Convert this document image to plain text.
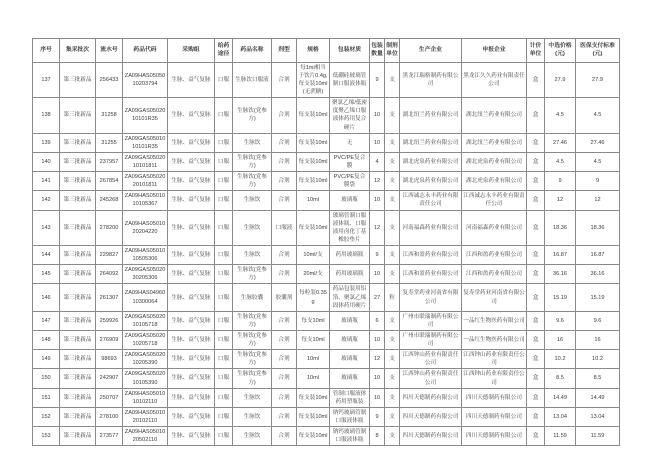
序号	集采批次	流水号	药品代码	采购组	给药途径	药品名称	剂型	规格	包装材质	包装数量	制剂单位	生产企业	申报企业	计价单位	中选价格(元)	医保支付标准(元)
137	第三批新品	256433	ZA09HAS05050 10203794	生脉、益气复脉	口服	生脉饮口服液	合剂	每1ml相当于饮片0.4g,每支装10ml(无蔗糖)	低硼硅玻璃管制口服液体瓶	9	支	黑龙江瑞格制药有限公司	黑龙江久久药业有限责任公司	盒	27.9	27.9
138	第三批新品	31258	ZA09GAS05020 10101R35	生脉、益气复脉	口服	生脉饮(党参方)	合剂	每支装10ml	聚氯乙烯/低密度聚乙烯口服液体药用复合硬片	10	支	湖北纽兰药业有限公司	湖北纽兰药业有限公司	盒	4.5	4.5
139	第三批新品	31255	ZA09GAS05010 10101R35	生脉、益气复脉	口服	生脉饮	合剂	每支装10ml	无	10	支	湖北纽兰药业有限公司	湖北纽兰药业有限公司	盒	27.46	27.46
140	第三批新品	237957	ZA09GAS05020 10101811	生脉、益气复脉	口服	生脉饮(党参方)	合剂	每支装10ml	PVC/PE复合膜	4	支	湖北虎泉药业有限公司	湖北虎泉药业有限公司	盒	4.5	4.5
141	第三批新品	267854	ZA09GAS05020 20101811	生脉、益气复脉	口服	生脉饮(党参方)	合剂	每支装10ml	PVC/PE复合膜袋	12	支	湖北虎泉药业有限公司	湖北虎泉药业有限公司	盒	9	9
142	第三批新品	245268	ZA09HAS05010 10105367	生脉、益气复脉	口服	生脉饮	合剂	10ml	玻璃瓶	10	支	江西诚志永丰药业有限责任公司	江西诚志永丰药业有限责任公司	盒	12	12
143	第三批新品	278200	ZA09HAS05010 20204220	生脉、益气复脉	口服	生脉饮	口服液	每支装10ml	玻璃管制口服液体瓶、口服液用卤化丁基橡胶垫片	12	支	河南福森药业有限公司	河南福森药业有限公司	盒	18.36	18.36
144	第三批新品	229827	ZA09HAS05010 10505306	生脉、益气复脉	口服	生脉饮	合剂	10ml/支	药用玻璃瓶	9	支	江西和盈药业有限公司	江西和盈药业有限公司	盒	16.87	16.87
145	第三批新品	264092	ZA09GAS05020 30205306	生脉、益气复脉	口服	生脉饮(党参方)	合剂	20ml/支	药用玻璃瓶	10	支	江西和盈药业有限公司	江西和盈药业有限公司	盒	36.16	36.16
146	第三批新品	261307	ZA09HAS04960 10300064	生脉、益气复脉	口服	生脉胶囊	胶囊剂	每粒装0.35g	药品包装用铝箔、聚氯乙烯固体药用硬片	27	粒	复寿堂药业河南省有限公司	复寿堂药业河南省有限公司	盒	15.19	15.19
147	第三批新品	259926	ZA09GAS05020 10105718	生脉、益气复脉	口服	生脉饮(党参方)	合剂	每支10ml	玻璃瓶	6	支	广州市联瑞制药有限公司	一品红生物医药有限公司	盒	9.6	9.6
148	第三批新品	276909	ZA09GAS05020 10205718	生脉、益气复脉	口服	生脉饮(党参方)	合剂	每支10ml	玻璃瓶	10	支	广州市联瑞制药有限公司	一品红生物医药有限公司	盒	16	16
149	第三批新品	98693	ZA09GAS05020 10205390	生脉、益气复脉	口服	生脉饮(党参方)	合剂	10ml	玻璃瓶	12	支	江西钟山药业有限责任公司	江西钟山药业有限责任公司	盒	10.2	10.2
150	第三批新品	242907	ZA09GAS05020 10105390	生脉、益气复脉	口服	生脉饮(党参方)	合剂	10ml	玻璃瓶	10	支	江西钟山药业有限责任公司	江西钟山药业有限责任公司	盒	8.5	8.5
151	第三批新品	250707	ZA09HAS05010 10102110	生脉、益气复脉	口服	生脉饮	合剂	每支装10ml	管制口服液体药用塑瓶装	10	支	四川天德制药有限公司	四川天德制药有限公司	盒	14.49	14.49
152	第三批新品	278100	ZA09HAS05010 20102110	生脉、益气复脉	口服	生脉饮	合剂	每支装10ml	钠钙玻璃管制口服液体瓶	9	支	四川天德制药有限公司	四川天德制药有限公司	盒	13.04	13.04
153	第三批新品	273577	ZA09HAS05010 20502110	生脉、益气复脉	口服	生脉饮	合剂	每支装10ml	钠钙玻璃管制口服液体瓶	8	支	四川天德制药有限公司	四川天德制药有限公司	盒	11.59	11.59
